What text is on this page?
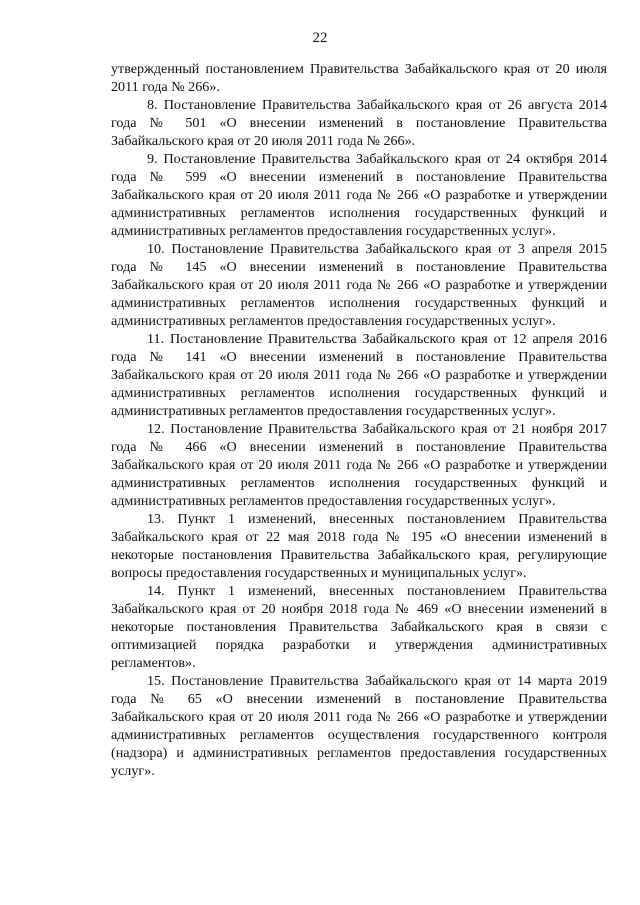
22

утвержденный постановлением Правительства Забайкальского края от 20 июля 2011 года № 266».

8. Постановление Правительства Забайкальского края от 26 августа 2014 года № 501 «О внесении изменений в постановление Правительства Забайкальского края от 20 июля 2011 года № 266».

9. Постановление Правительства Забайкальского края от 24 октября 2014 года № 599 «О внесении изменений в постановление Правительства Забайкальского края от 20 июля 2011 года № 266 «О разработке и утверждении административных регламентов исполнения государственных функций и административных регламентов предоставления государственных услуг».

10. Постановление Правительства Забайкальского края от 3 апреля 2015 года № 145 «О внесении изменений в постановление Правительства Забайкальского края от 20 июля 2011 года № 266 «О разработке и утверждении административных регламентов исполнения государственных функций и административных регламентов предоставления государственных услуг».

11. Постановление Правительства Забайкальского края от 12 апреля 2016 года № 141 «О внесении изменений в постановление Правительства Забайкальского края от 20 июля 2011 года № 266 «О разработке и утверждении административных регламентов исполнения государственных функций и административных регламентов предоставления государственных услуг».

12. Постановление Правительства Забайкальского края от 21 ноября 2017 года № 466 «О внесении изменений в постановление Правительства Забайкальского края от 20 июля 2011 года № 266 «О разработке и утверждении административных регламентов исполнения государственных функций и административных регламентов предоставления государственных услуг».

13. Пункт 1 изменений, внесенных постановлением Правительства Забайкальского края от 22 мая 2018 года № 195 «О внесении изменений в некоторые постановления Правительства Забайкальского края, регулирующие вопросы предоставления государственных и муниципальных услуг».

14. Пункт 1 изменений, внесенных постановлением Правительства Забайкальского края от 20 ноября 2018 года № 469 «О внесении изменений в некоторые постановления Правительства Забайкальского края в связи с оптимизацией порядка разработки и утверждения административных регламентов».

15. Постановление Правительства Забайкальского края от 14 марта 2019 года № 65 «О внесении изменений в постановление Правительства Забайкальского края от 20 июля 2011 года № 266 «О разработке и утверждении административных регламентов осуществления государственного контроля (надзора) и административных регламентов предоставления государственных услуг».
